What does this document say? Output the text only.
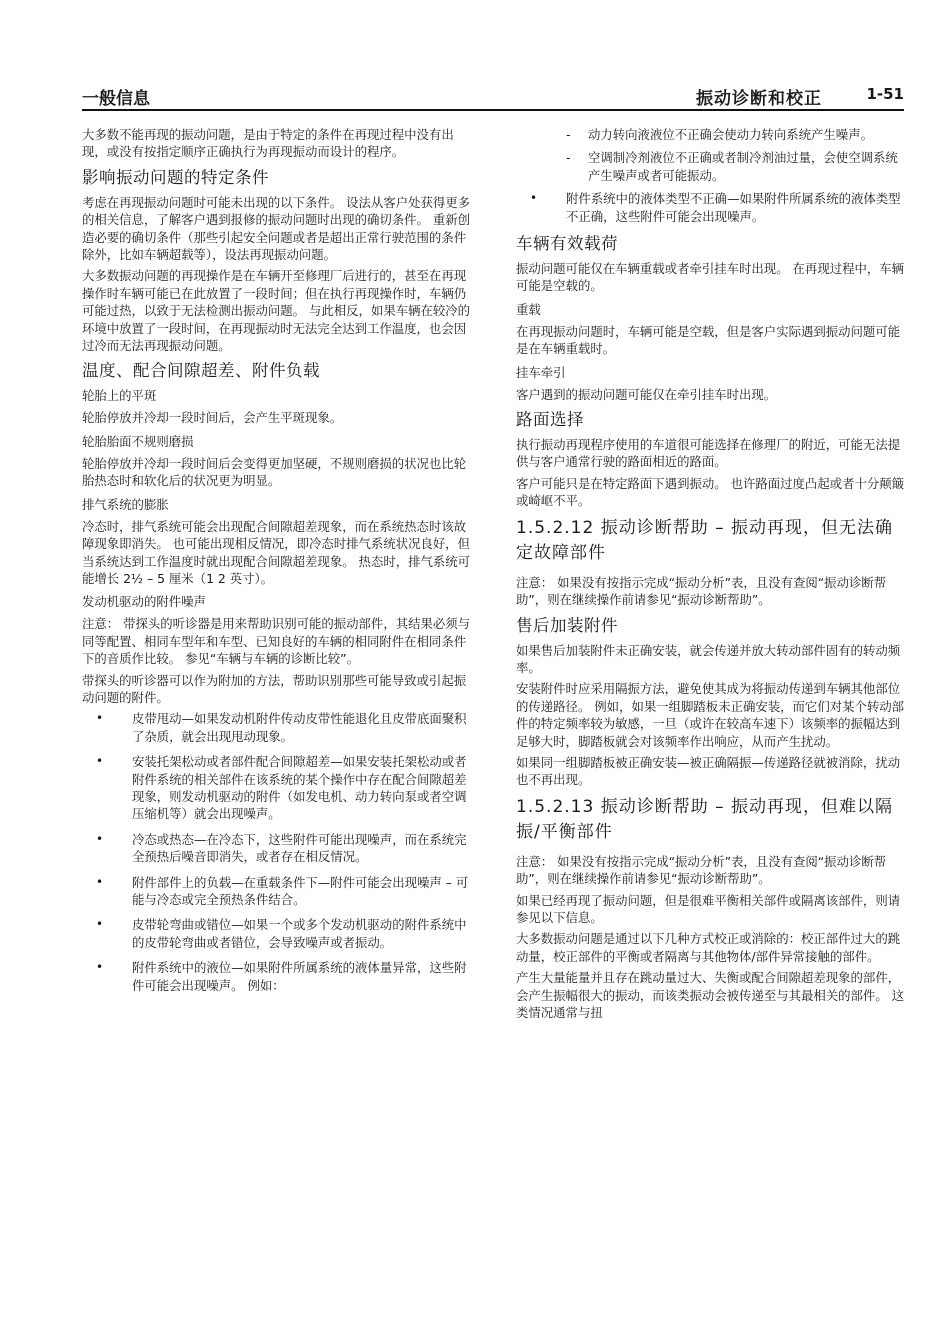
一般信息	振动诊断和校正	1-51

大多数不能再现的振动问题，是由于特定的条件在再现过程中没有出现，或没有按指定顺序正确执行为再现振动而设计的程序。

影响振动问题的特定条件

考虑在再现振动问题时可能未出现的以下条件。 设法从客户处获得更多的相关信息，了解客户遇到报修的振动问题时出现的确切条件。 重新创造必要的确切条件（那些引起安全问题或者是超出正常行驶范围的条件除外，比如车辆超载等），设法再现振动问题。

大多数振动问题的再现操作是在车辆开至修理厂后进行的，甚至在再现操作时车辆可能已在此放置了一段时间；但在执行再现操作时，车辆仍可能过热，以致于无法检测出振动问题。 与此相反，如果车辆在较冷的环境中放置了一段时间，在再现振动时无法完全达到工作温度，也会因过冷而无法再现振动问题。

温度、配合间隙超差、附件负载
轮胎上的平斑

轮胎停放并冷却一段时间后，会产生平斑现象。

轮胎胎面不规则磨损

轮胎停放并冷却一段时间后会变得更加坚硬，不规则磨损的状况也比轮胎热态时和软化后的状况更为明显。

排气系统的膨胀

冷态时，排气系统可能会出现配合间隙超差现象，而在系统热态时该故障现象即消失。 也可能出现相反情况，即冷态时排气系统状况良好，但当系统达到工作温度时就出现配合间隙超差现象。 热态时，排气系统可能增长 2½ – 5 厘米（1 2 英寸）。

发动机驱动的附件噪声

注意： 带探头的听诊器是用来帮助识别可能的振动部件，其结果必须与同等配置、相同车型年和车型、已知良好的车辆的相同附件在相同条件下的音质作比较。 参见“车辆与车辆的诊断比较”。

带探头的听诊器可以作为附加的方法，帮助识别那些可能导致或引起振动问题的附件。

• 皮带甩动—如果发动机附件传动皮带性能退化且皮带底面聚积了杂质，就会出现甩动现象。
• 安装托架松动或者部件配合间隙超差—如果安装托架松动或者附件系统的相关部件在该系统的某个操作中存在配合间隙超差现象，则发动机驱动的附件（如发电机、动力转向泵或者空调压缩机等）就会出现噪声。
• 冷态或热态—在冷态下，这些附件可能出现噪声，而在系统完全预热后噪音即消失，或者存在相反情况。
• 附件部件上的负载—在重载条件下—附件可能会出现噪声 – 可能与冷态或完全预热条件结合。
• 皮带轮弯曲或错位—如果一个或多个发动机驱动的附件系统中的皮带轮弯曲或者错位，会导致噪声或者振动。
• 附件系统中的液位—如果附件所属系统的液体量异常，这些附件可能会出现噪声。 例如：
- 动力转向液液位不正确会使动力转向系统产生噪声。
- 空调制冷剂液位不正确或者制冷剂油过量，会使空调系统产生噪声或者可能振动。
• 附件系统中的液体类型不正确—如果附件所属系统的液体类型不正确，这些附件可能会出现噪声。
车辆有效载荷

振动问题可能仅在车辆重载或者牵引挂车时出现。 在再现过程中，车辆可能是空载的。

重载

在再现振动问题时，车辆可能是空载，但是客户实际遇到振动问题可能是在车辆重载时。

挂车牵引

客户遇到的振动问题可能仅在牵引挂车时出现。

路面选择

执行振动再现程序使用的车道很可能选择在修理厂的附近，可能无法提供与客户通常行驶的路面相近的路面。

客户可能只是在特定路面下遇到振动。 也许路面过度凸起或者十分颠簸或崎岖不平。

1.5.2.12 振动诊断帮助 – 振动再现，但无法确定故障部件

注意： 如果没有按指示完成“振动分析”表，且没有查阅“振动诊断帮助”，则在继续操作前请参见“振动诊断帮助”。

售后加装附件

如果售后加装附件未正确安装，就会传递并放大转动部件固有的转动频率。

安装附件时应采用隔振方法，避免使其成为将振动传递到车辆其他部位的传递路径。 例如，如果一组脚踏板未正确安装，而它们对某个转动部件的特定频率较为敏感，一旦（或许在较高车速下）该频率的振幅达到足够大时，脚踏板就会对该频率作出响应，从而产生扰动。

如果同一组脚踏板被正确安装—被正确隔振—传递路径就被消除，扰动也不再出现。

1.5.2.13 振动诊断帮助 – 振动再现，但难以隔振/平衡部件

注意： 如果没有按指示完成“振动分析”表，且没有查阅“振动诊断帮助”，则在继续操作前请参见“振动诊断帮助”。

如果已经再现了振动问题，但是很难平衡相关部件或隔离该部件，则请参见以下信息。

大多数振动问题是通过以下几种方式校正或消除的：校正部件过大的跳动量，校正部件的平衡或者隔离与其他物体/部件异常接触的部件。

产生大量能量并且存在跳动量过大、失衡或配合间隙超差现象的部件，会产生振幅很大的振动，而该类振动会被传递至与其最相关的部件。 这类情况通常与扭
